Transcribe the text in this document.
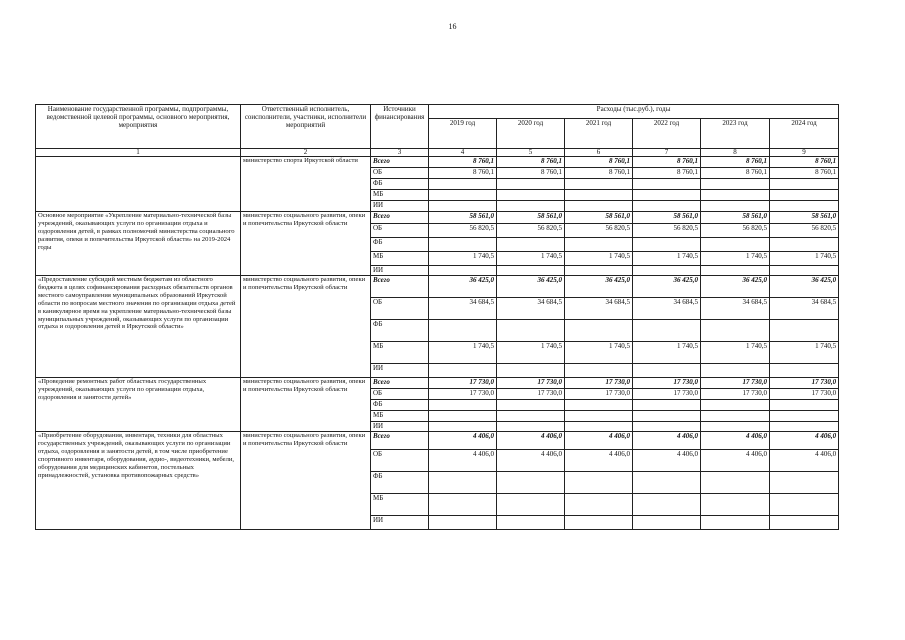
16
Наименование государственной программы, подпрограммы, ведомственной целевой программы, основного мероприятия, мероприятия	Ответственный исполнитель, соисполнители, участники, исполнители мероприятий	Источники финансирования	Расходы (тыс.руб.), годы					
			2019 год	2020 год	2021 год	2022 год	2023 год	2024 год
1	2	3	4	5	6	7	8	9
	министерство спорта Иркутской области	Всего	8 760,1	8 760,1	8 760,1	8 760,1	8 760,1	8 760,1
		ОБ	8 760,1	8 760,1	8 760,1	8 760,1	8 760,1	8 760,1
		ФБ						
		МБ						
		ИИ						
Основное мероприятие «Укрепление материально-технической базы учреждений, оказывающих услуги по организации отдыха и оздоровления детей, в рамках полномочий министерства социального развития, опеки и попечительства Иркутской области» на 2019-2024 годы	министерство социального развития, опеки и попечительства Иркутской области	Всего	58 561,0	58 561,0	58 561,0	58 561,0	58 561,0	58 561,0
		ОБ	56 820,5	56 820,5	56 820,5	56 820,5	56 820,5	56 820,5
		ФБ						
		МБ	1 740,5	1 740,5	1 740,5	1 740,5	1 740,5	1 740,5
		ИИ						
«Предоставление субсидий местным бюджетам из областного бюджета в целях софинансирования расходных обязательств органов местного самоуправления муниципальных образований Иркутской области по вопросам местного значения по организации отдыха детей в каникулярное время на укрепление материально-технической базы муниципальных учреждений, оказывающих услуги по организации отдыха и оздоровления детей в Иркутской области»	министерство социального развития, опеки и попечительства Иркутской области	Всего	36 425,0	36 425,0	36 425,0	36 425,0	36 425,0	36 425,0
		ОБ	34 684,5	34 684,5	34 684,5	34 684,5	34 684,5	34 684,5
		ФБ						
		МБ	1 740,5	1 740,5	1 740,5	1 740,5	1 740,5	1 740,5
		ИИ						
«Проведение ремонтных работ областных государственных учреждений, оказывающих услуги по организации отдыха, оздоровления и занятости детей»	министерство социального развития, опеки и попечительства Иркутской области	Всего	17 730,0	17 730,0	17 730,0	17 730,0	17 730,0	17 730,0
		ОБ	17 730,0	17 730,0	17 730,0	17 730,0	17 730,0	17 730,0
		ФБ						
		МБ						
		ИИ						
«Приобретение оборудования, инвентаря, техники для областных государственных учреждений, оказывающих услуги по организации отдыха, оздоровления и занятости детей, в том числе приобретение спортивного инвентаря, оборудования, аудио-, видеотехники, мебели, оборудования для медицинских кабинетов, постельных принадлежностей, установка противопожарных средств»	министерство социального развития, опеки и попечительства Иркутской области	Всего	4 406,0	4 406,0	4 406,0	4 406,0	4 406,0	4 406,0
		ОБ	4 406,0	4 406,0	4 406,0	4 406,0	4 406,0	4 406,0
		ФБ						
		МБ						
		ИИ						
